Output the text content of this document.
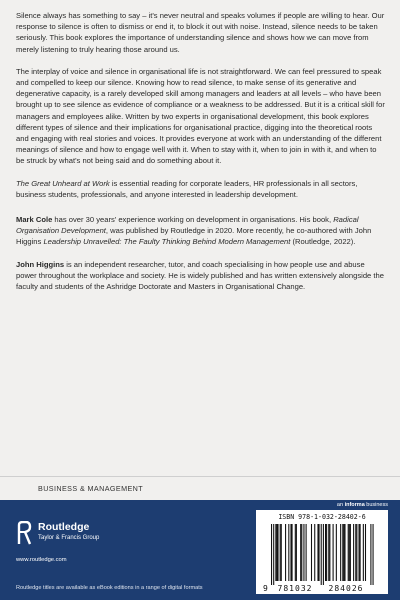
Silence always has something to say – it's never neutral and speaks volumes if people are willing to hear. Our response to silence is often to dismiss or end it, to block it out with noise. Instead, silence needs to be taken seriously. This book explores the importance of understanding silence and shows how we can move from merely listening to truly hearing those around us.

The interplay of voice and silence in organisational life is not straightforward. We can feel pressured to speak and compelled to keep our silence. Knowing how to read silence, to make sense of its generative and degenerative capacity, is a rarely developed skill among managers and leaders at all levels – who have been brought up to see silence as evidence of compliance or a weakness to be addressed. But it is a critical skill for managers and employees alike. Written by two experts in organisational development, this book explores different types of silence and their implications for organisational practice, digging into the theoretical roots and engaging with real stories and voices. It provides everyone at work with an understanding of the different meanings of silence and how to engage well with it. When to stay with it, when to join in with it, and when to be struck by what's not being said and do something about it.

The Great Unheard at Work is essential reading for corporate leaders, HR professionals in all sectors, business students, professionals, and anyone interested in leadership development.

Mark Cole has over 30 years' experience working on development in organisations. His book, Radical Organisation Development, was published by Routledge in 2020. More recently, he co-authored with John Higgins Leadership Unravelled: The Faulty Thinking Behind Modern Management (Routledge, 2022).

John Higgins is an independent researcher, tutor, and coach specialising in how people use and abuse power throughout the workplace and society. He is widely published and has written extensively alongside the faculty and students of the Ashridge Doctorate and Masters in Organisational Change.

BUSINESS & MANAGEMENT
an informa business
Routledge
Taylor & Francis Group
www.routledge.com
Routledge titles are available as eBook editions in a range of digital formats
ISBN 978-1-032-28402-6
9 781032 284026
